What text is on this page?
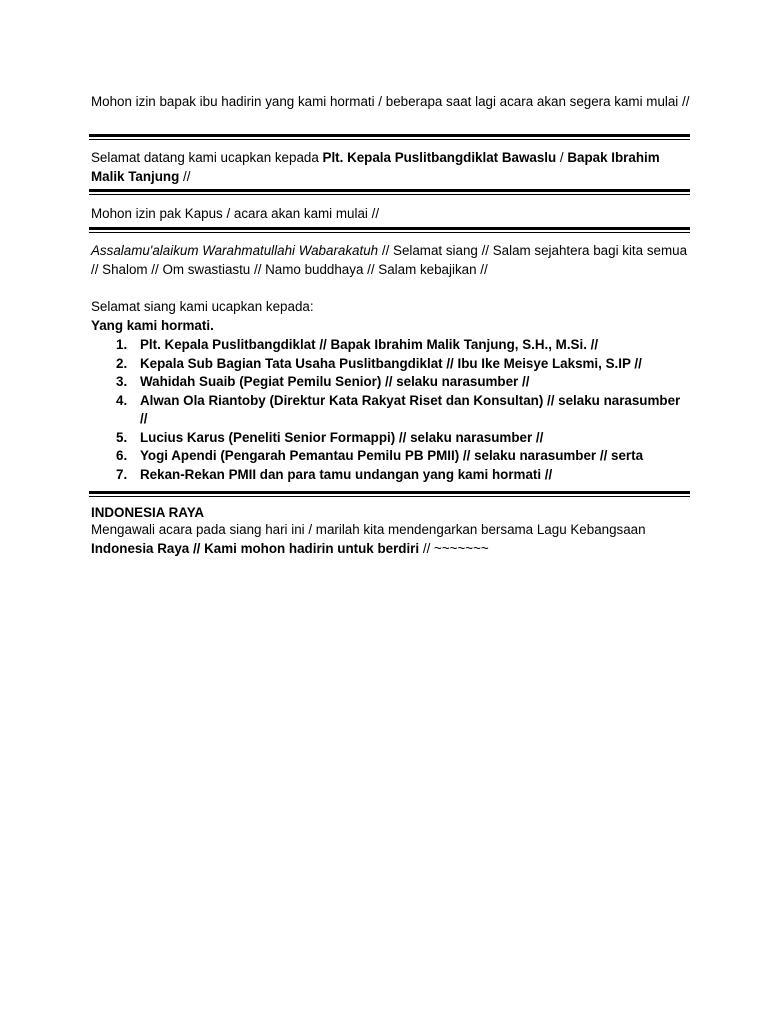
Mohon izin bapak ibu hadirin yang kami hormati / beberapa saat lagi acara akan segera kami mulai //

Selamat datang kami ucapkan kepada Plt. Kepala Puslitbangdiklat Bawaslu / Bapak Ibrahim Malik Tanjung //

Mohon izin pak Kapus / acara akan kami mulai //

Assalamu'alaikum Warahmatullahi Wabarakatuh // Selamat siang // Salam sejahtera bagi kita semua // Shalom // Om swastiastu // Namo buddhaya // Salam kebajikan //

Selamat siang kami ucapkan kepada:

Yang kami hormati.

1. Plt. Kepala Puslitbangdiklat // Bapak Ibrahim Malik Tanjung, S.H., M.Si. //
2. Kepala Sub Bagian Tata Usaha Puslitbangdiklat // Ibu Ike Meisye Laksmi, S.IP //
3. Wahidah Suaib (Pegiat Pemilu Senior) // selaku narasumber //
4. Alwan Ola Riantoby (Direktur Kata Rakyat Riset dan Konsultan) // selaku narasumber //
5. Lucius Karus (Peneliti Senior Formappi) // selaku narasumber //
6. Yogi Apendi (Pengarah Pemantau Pemilu PB PMII) // selaku narasumber // serta
7. Rekan-Rekan PMII dan para tamu undangan yang kami hormati //

INDONESIA RAYA

Mengawali acara pada siang hari ini / marilah kita mendengarkan bersama Lagu Kebangsaan Indonesia Raya // Kami mohon hadirin untuk berdiri // ~~~~~~~
